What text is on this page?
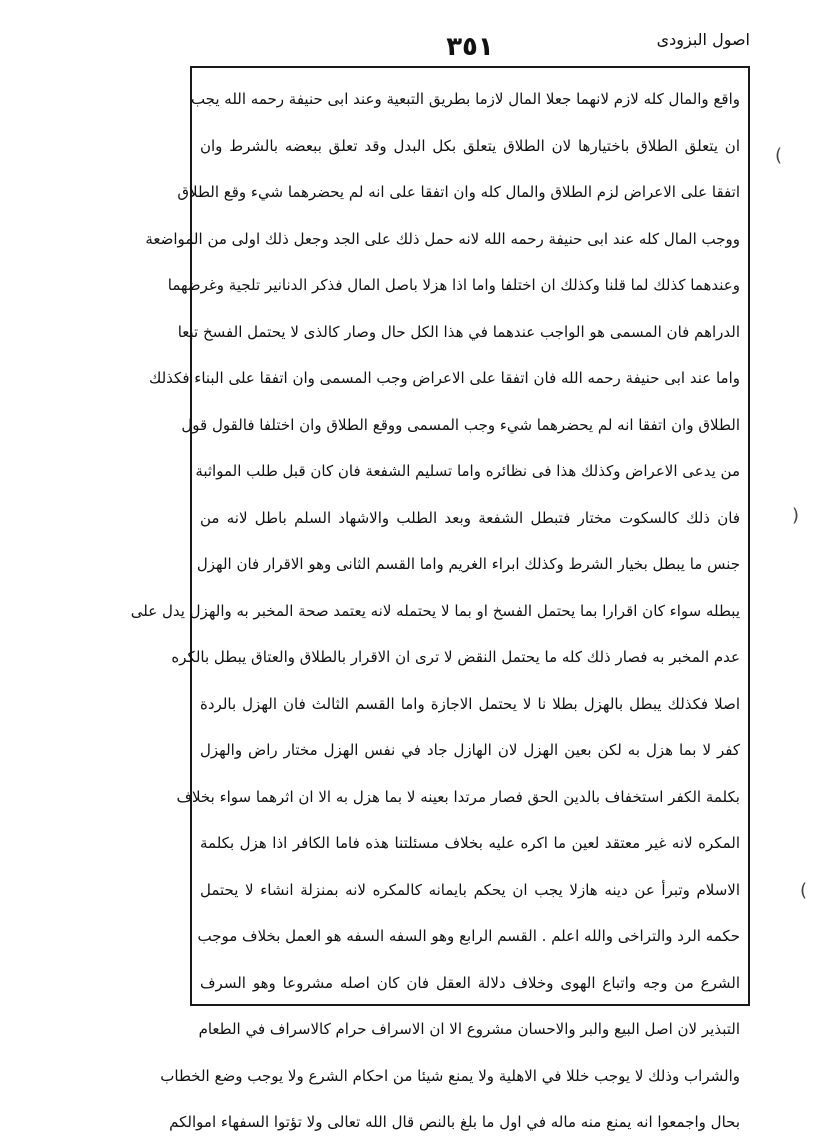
اصول البزودی
٣٥١
واقع والمال كله لازم لانهما جعلا المال لازما بطريق التبعية وعند ابى حنيفة رحمه الله يجب
ان يتعلق الطلاق باختيارها لان الطلاق يتعلق بكل البدل وقد تعلق ببعضه بالشرط وان
اتفقا على الاعراض لزم الطلاق والمال كله وان اتفقا على انه لم يحضرهما شيء وقع الطلاق
ووجب المال كله عند ابى حنيفة رحمه الله لانه حمل ذلك على الجد وجعل ذلك اولى من المواضعة
وعندهما كذلك لما قلنا وكذلك ان اختلفا واما اذا هزلا باصل المال فذكر الدنانير تلجية وغرضهما
الدراهم فان المسمى هو الواجب عندهما في هذا الكل حال وصار كالذى لا يحتمل الفسخ تبعا
واما عند ابى حنيفة رحمه الله فان اتفقا على الاعراض وجب المسمى وان اتفقا على البناء فكذلك
الطلاق وان اتفقا انه لم يحضرهما شيء وجب المسمى ووقع الطلاق وان اختلفا فالقول قول
من يدعى الاعراض وكذلك هذا فى نظائره واما تسليم الشفعة فان كان قبل طلب المواثبة
فان ذلك كالسكوت مختار فتبطل الشفعة وبعد الطلب والاشهاد السلم باطل لانه من
جنس ما يبطل بخيار الشرط وكذلك ابراء الغريم واما القسم الثانى وهو الاقرار فان الهزل
يبطله سواء كان اقرارا بما يحتمل الفسخ او بما لا يحتمله لانه يعتمد صحة المخبر به والهزل يدل على
عدم المخبر به فصار ذلك كله ما يحتمل النقض لا ترى ان الاقرار بالطلاق والعتاق يبطل بالكره
اصلا فكذلك يبطل بالهزل بطلا نا لا يحتمل الاجازة واما القسم الثالث فان الهزل بالردة
كفر لا بما هزل به لكن بعين الهزل لان الهازل جاد في نفس الهزل مختار راض والهزل
بكلمة الكفر استخفاف بالدين الحق فصار مرتدا بعينه لا بما هزل به الا ان اثرهما سواء بخلاف
المكره لانه غير معتقد لعين ما اكره عليه بخلاف مسئلتنا هذه فاما الكافر اذا هزل بكلمة
الاسلام وتبرأ عن دينه هازلا يجب ان يحكم بايمانه كالمكره لانه بمنزلة انشاء لا يحتمل
حكمه الرد والتراخى والله اعلم . القسم الرابع وهو السفه السفه هو العمل بخلاف موجب
الشرع من وجه واتباع الهوى وخلاف دلالة العقل فان كان اصله مشروعا وهو السرف
التبذير لان اصل البيع والبر والاحسان مشروع الا ان الاسراف حرام كالاسراف في الطعام
والشراب وذلك لا يوجب خللا في الاهلية ولا يمنع شيئا من احكام الشرع ولا يوجب وضع الخطاب
بحال واجمعوا انه يمنع منه ماله في اول ما بلغ بالنص قال الله تعالى ولا تؤتوا السفهاء اموالكم
(
)
(
